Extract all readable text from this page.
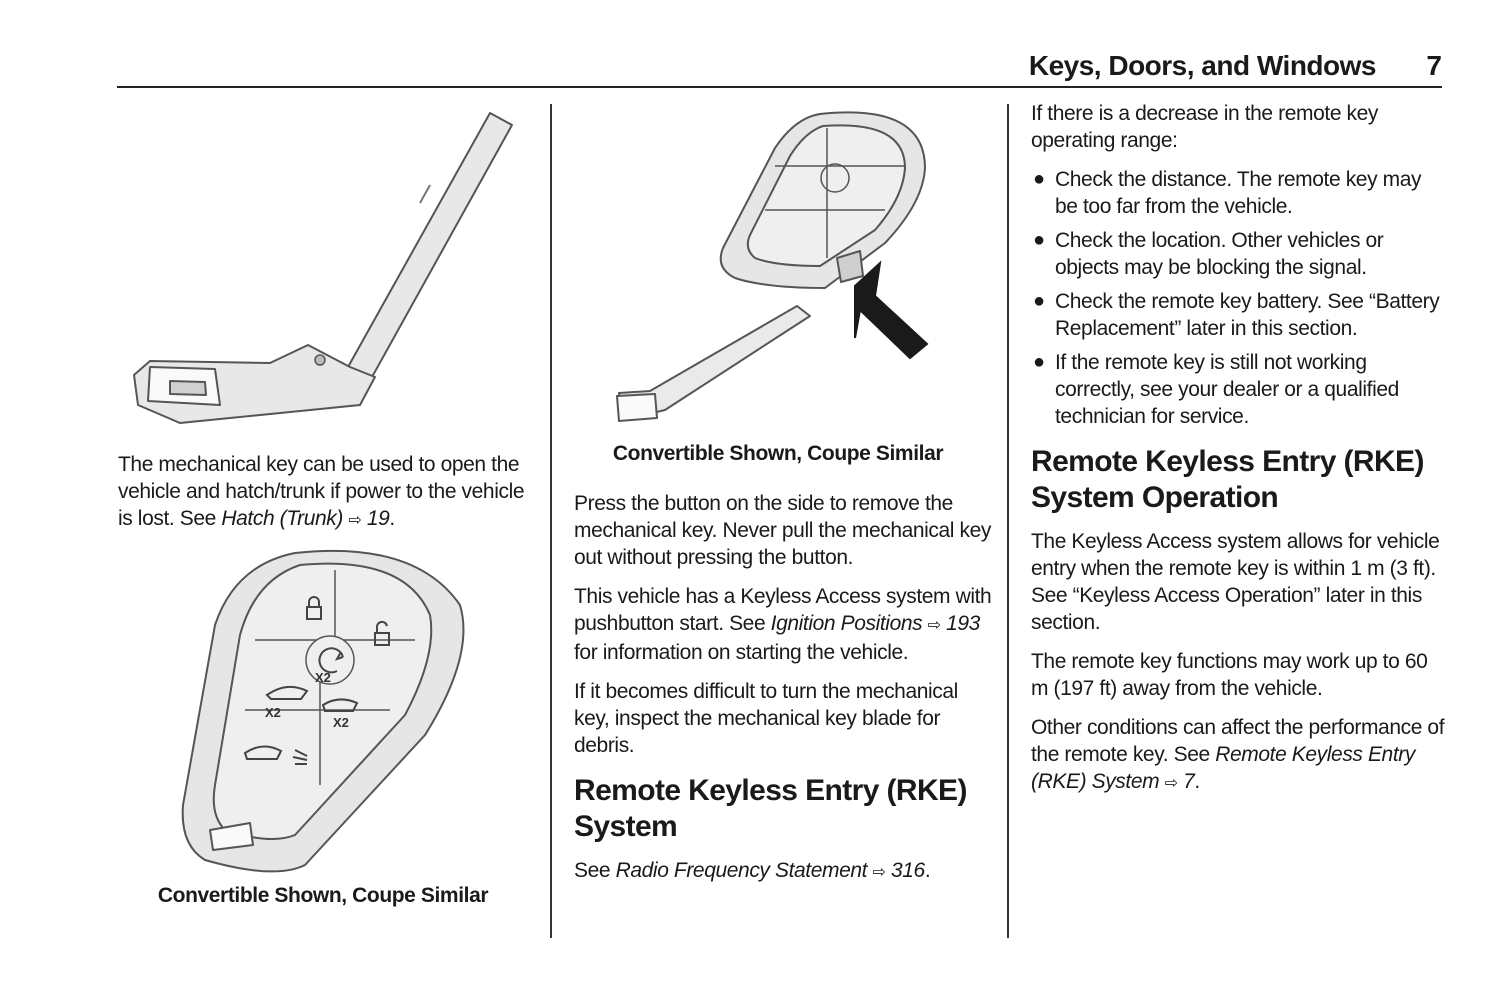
Keys, Doors, and Windows 7

The mechanical key can be used to open the vehicle and hatch/trunk if power to the vehicle is lost. See Hatch (Trunk) ⇨ 19.

X2
X2
X2
Convertible Shown, Coupe Similar
Convertible Shown, Coupe Similar

Press the button on the side to remove the mechanical key. Never pull the mechanical key out without pressing the button.

This vehicle has a Keyless Access system with pushbutton start. See Ignition Positions ⇨ 193 for information on starting the vehicle.

If it becomes difficult to turn the mechanical key, inspect the mechanical key blade for debris.

Remote Keyless Entry (RKE) System

See Radio Frequency Statement ⇨ 316.

If there is a decrease in the remote key operating range:

● Check the distance. The remote key may be too far from the vehicle.
● Check the location. Other vehicles or objects may be blocking the signal.
● Check the remote key battery. See “Battery Replacement” later in this section.
● If the remote key is still not working correctly, see your dealer or a qualified technician for service.
Remote Keyless Entry (RKE) System Operation

The Keyless Access system allows for vehicle entry when the remote key is within 1 m (3 ft). See “Keyless Access Operation” later in this section.

The remote key functions may work up to 60 m (197 ft) away from the vehicle.

Other conditions can affect the performance of the remote key. See Remote Keyless Entry (RKE) System ⇨ 7.
